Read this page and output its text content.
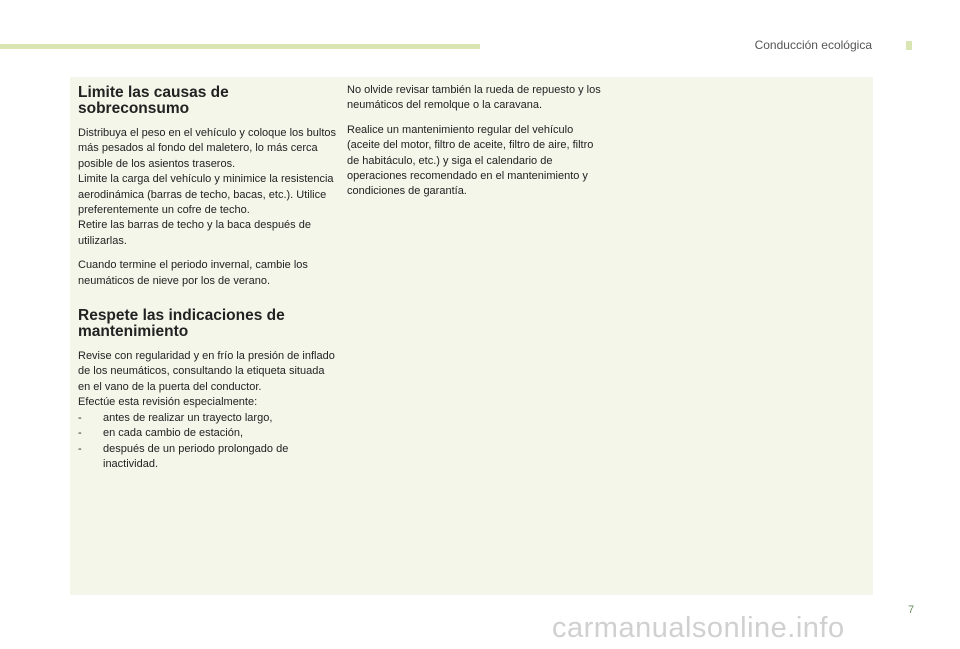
Conducción ecológica
Limite las causas de sobreconsumo

Distribuya el peso en el vehículo y coloque los bultos más pesados al fondo del maletero, lo más cerca posible de los asientos traseros.
Limite la carga del vehículo y minimice la resistencia aerodinámica (barras de techo, bacas, etc.). Utilice preferentemente un cofre de techo.
Retire las barras de techo y la baca después de utilizarlas.

Cuando termine el periodo invernal, cambie los neumáticos de nieve por los de verano.

Respete las indicaciones de mantenimiento

Revise con regularidad y en frío la presión de inflado de los neumáticos, consultando la etiqueta situada en el vano de la puerta del conductor.
Efectúe esta revisión especialmente:

-	antes de realizar un trayecto largo,
-	en cada cambio de estación,
-	después de un periodo prolongado de inactividad.

No olvide revisar también la rueda de repuesto y los neumáticos del remolque o la caravana.

Realice un mantenimiento regular del vehículo (aceite del motor, filtro de aceite, filtro de aire, filtro de habitáculo, etc.) y siga el calendario de operaciones recomendado en el mantenimiento y condiciones de garantía.

7
carmanualsonline.info
